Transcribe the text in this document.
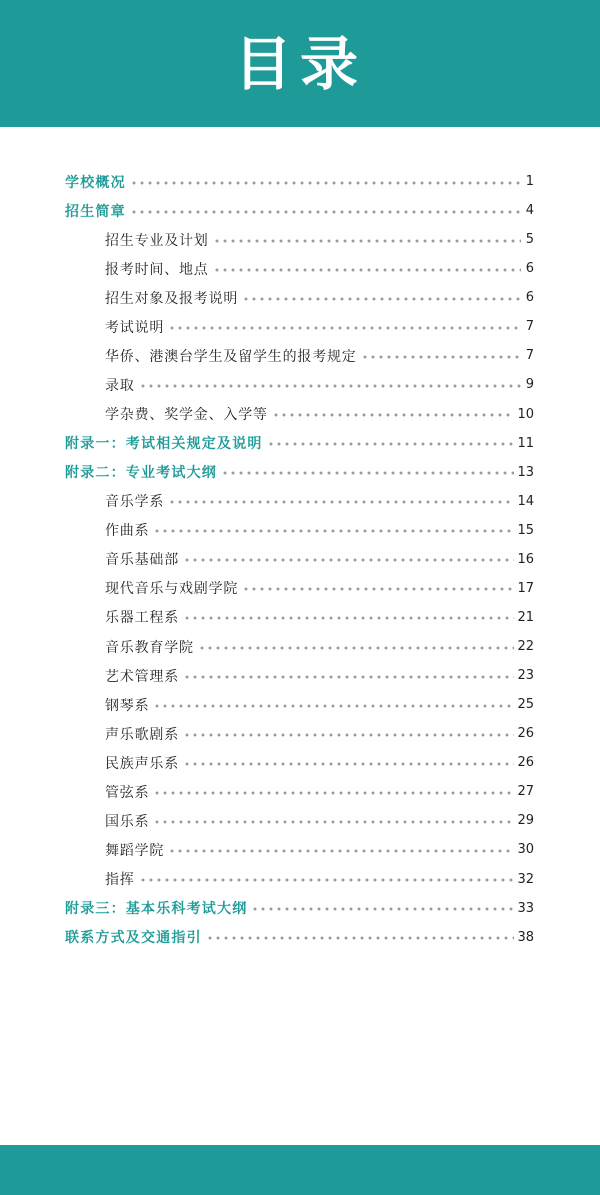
目录
学校概况	1
招生简章	4
招生专业及计划	5
报考时间、地点	6
招生对象及报考说明	6
考试说明	7
华侨、港澳台学生及留学生的报考规定	7
录取	9
学杂费、奖学金、入学等	10
附录一：考试相关规定及说明	11
附录二：专业考试大纲	13
音乐学系	14
作曲系	15
音乐基础部	16
现代音乐与戏剧学院	17
乐器工程系	21
音乐教育学院	22
艺术管理系	23
钢琴系	25
声乐歌剧系	26
民族声乐系	26
管弦系	27
国乐系	29
舞蹈学院	30
指挥	32
附录三：基本乐科考试大纲	33
联系方式及交通指引	38
